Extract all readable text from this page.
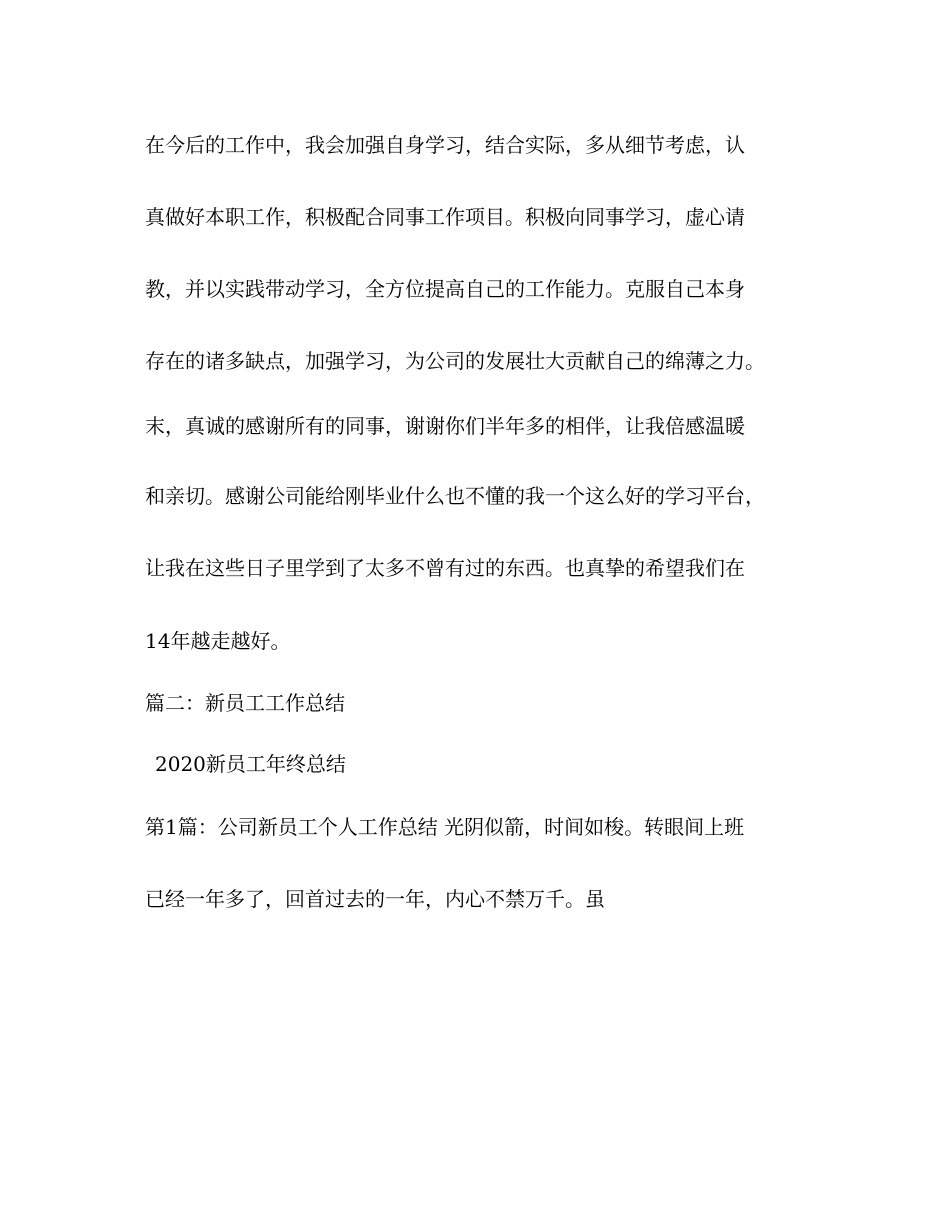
在今后的工作中，我会加强自身学习，结合实际，多从细节考虑，认
真做好本职工作，积极配合同事工作项目。积极向同事学习，虚心请
教，并以实践带动学习，全方位提高自己的工作能力。克服自己本身
存在的诸多缺点，加强学习，为公司的发展壮大贡献自己的绵薄之力。
末，真诚的感谢所有的同事，谢谢你们半年多的相伴，让我倍感温暖
和亲切。感谢公司能给刚毕业什么也不懂的我一个这么好的学习平台，
让我在这些日子里学到了太多不曾有过的东西。也真挚的希望我们在
14年越走越好。
篇二：新员工工作总结
2020新员工年终总结
第1篇：公司新员工个人工作总结 光阴似箭，时间如梭。转眼间上班
已经一年多了，回首过去的一年，内心不禁万千。虽
